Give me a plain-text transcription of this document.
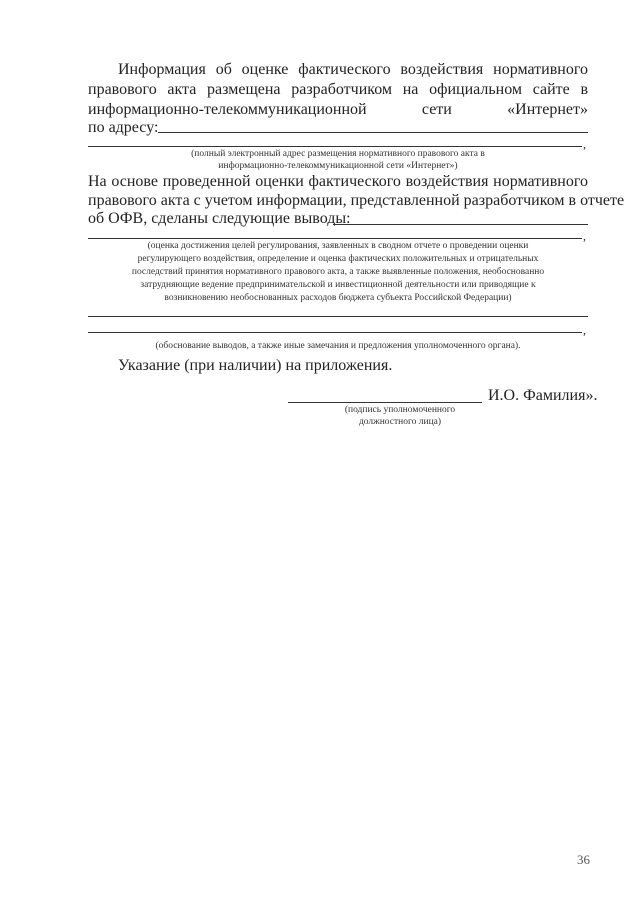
Информация об оценке фактического воздействия нормативного
правового акта размещена разработчиком на официальном сайте в
информационно-телекоммуникационной сети «Интернет»
по адресу:
,
(полный электронный адрес размещения нормативного правового акта в
информационно-телекоммуникационной сети «Интернет»)
На основе проведенной оценки фактического воздействия нормативного
правового акта с учетом информации, представленной разработчиком в отчете
об ОФВ, сделаны следующие выводы:
,
(оценка достижения целей регулирования, заявленных в сводном отчете о проведении оценки
регулирующего воздействия, определение и оценка фактических положительных и отрицательных
последствий принятия нормативного правового акта, а также выявленные положения, необоснованно
затрудняющие ведение предпринимательской и инвестиционной деятельности или приводящие к
возникновению необоснованных расходов бюджета субъекта Российской Федерации)
,
(обоснование выводов, а также иные замечания и предложения уполномоченного органа).
Указание (при наличии) на приложения.
И.О. Фамилия».
(подпись уполномоченного
должностного лица)
36
